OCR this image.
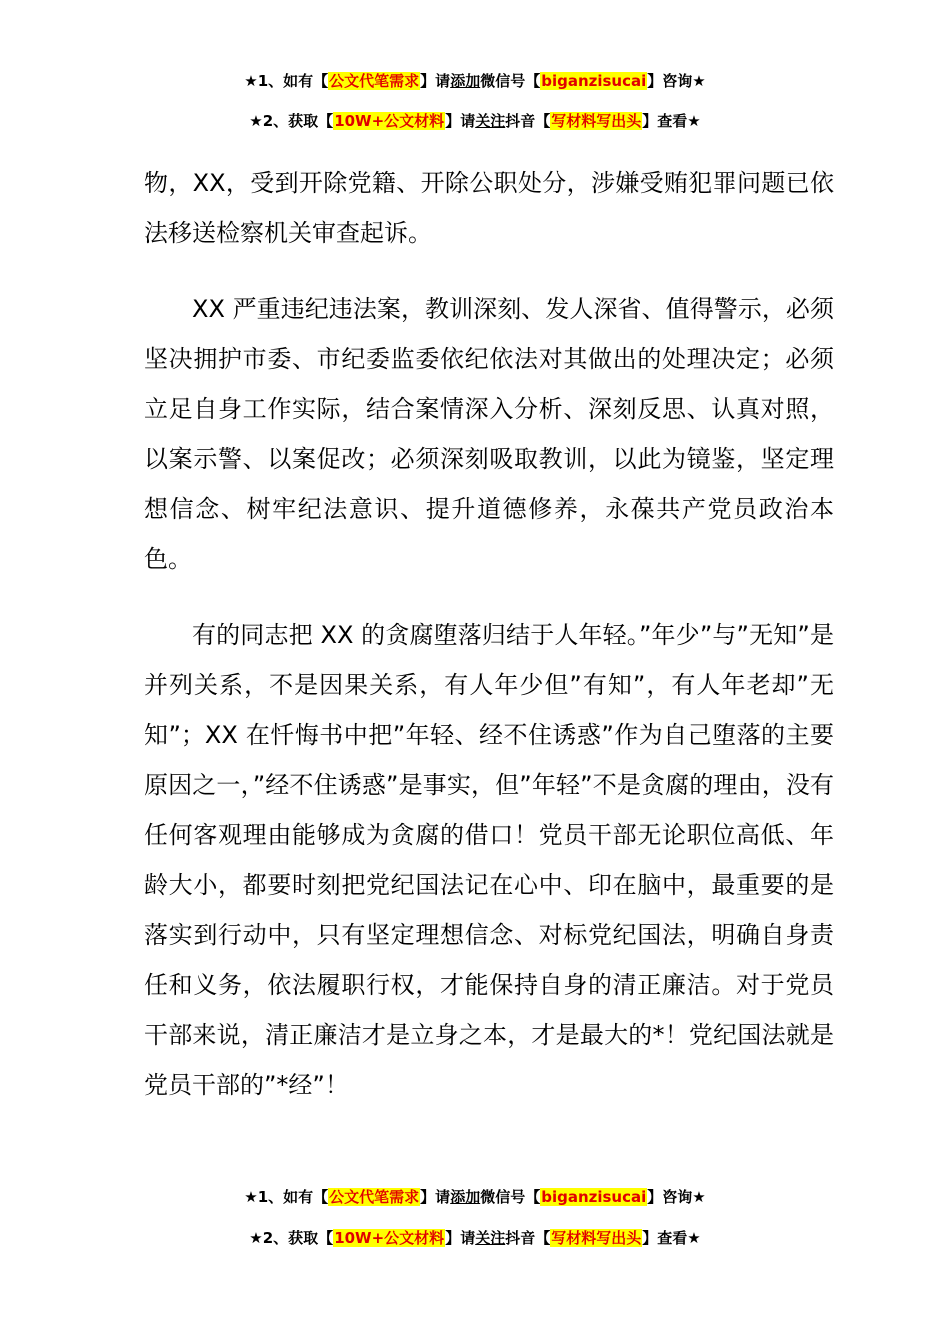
★1、如有【公文代笔需求】请添加微信号【biganzisucai】咨询★
★2、获取【10W+公文材料】请关注抖音【写材料写出头】查看★

物，XX，受到开除党籍、开除公职处分，涉嫌受贿犯罪问题已依法移送检察机关审查起诉。

XX 严重违纪违法案，教训深刻、发人深省、值得警示，必须坚决拥护市委、市纪委监委依纪依法对其做出的处理决定；必须立足自身工作实际，结合案情深入分析、深刻反思、认真对照，以案示警、以案促改；必须深刻吸取教训，以此为镜鉴，坚定理想信念、树牢纪法意识、提升道德修养，永葆共产党员政治本色。

有的同志把 XX 的贪腐堕落归结于人年轻。”年少”与”无知”是并列关系，不是因果关系，有人年少但”有知”，有人年老却”无知”；XX 在忏悔书中把”年轻、经不住诱惑”作为自己堕落的主要原因之一，”经不住诱惑”是事实，但”年轻”不是贪腐的理由，没有任何客观理由能够成为贪腐的借口！党员干部无论职位高低、年龄大小，都要时刻把党纪国法记在心中、印在脑中，最重要的是落实到行动中，只有坚定理想信念、对标党纪国法，明确自身责任和义务，依法履职行权，才能保持自身的清正廉洁。对于党员干部来说，清正廉洁才是立身之本，才是最大的*！党纪国法就是党员干部的”*经”！

★1、如有【公文代笔需求】请添加微信号【biganzisucai】咨询★
★2、获取【10W+公文材料】请关注抖音【写材料写出头】查看★
